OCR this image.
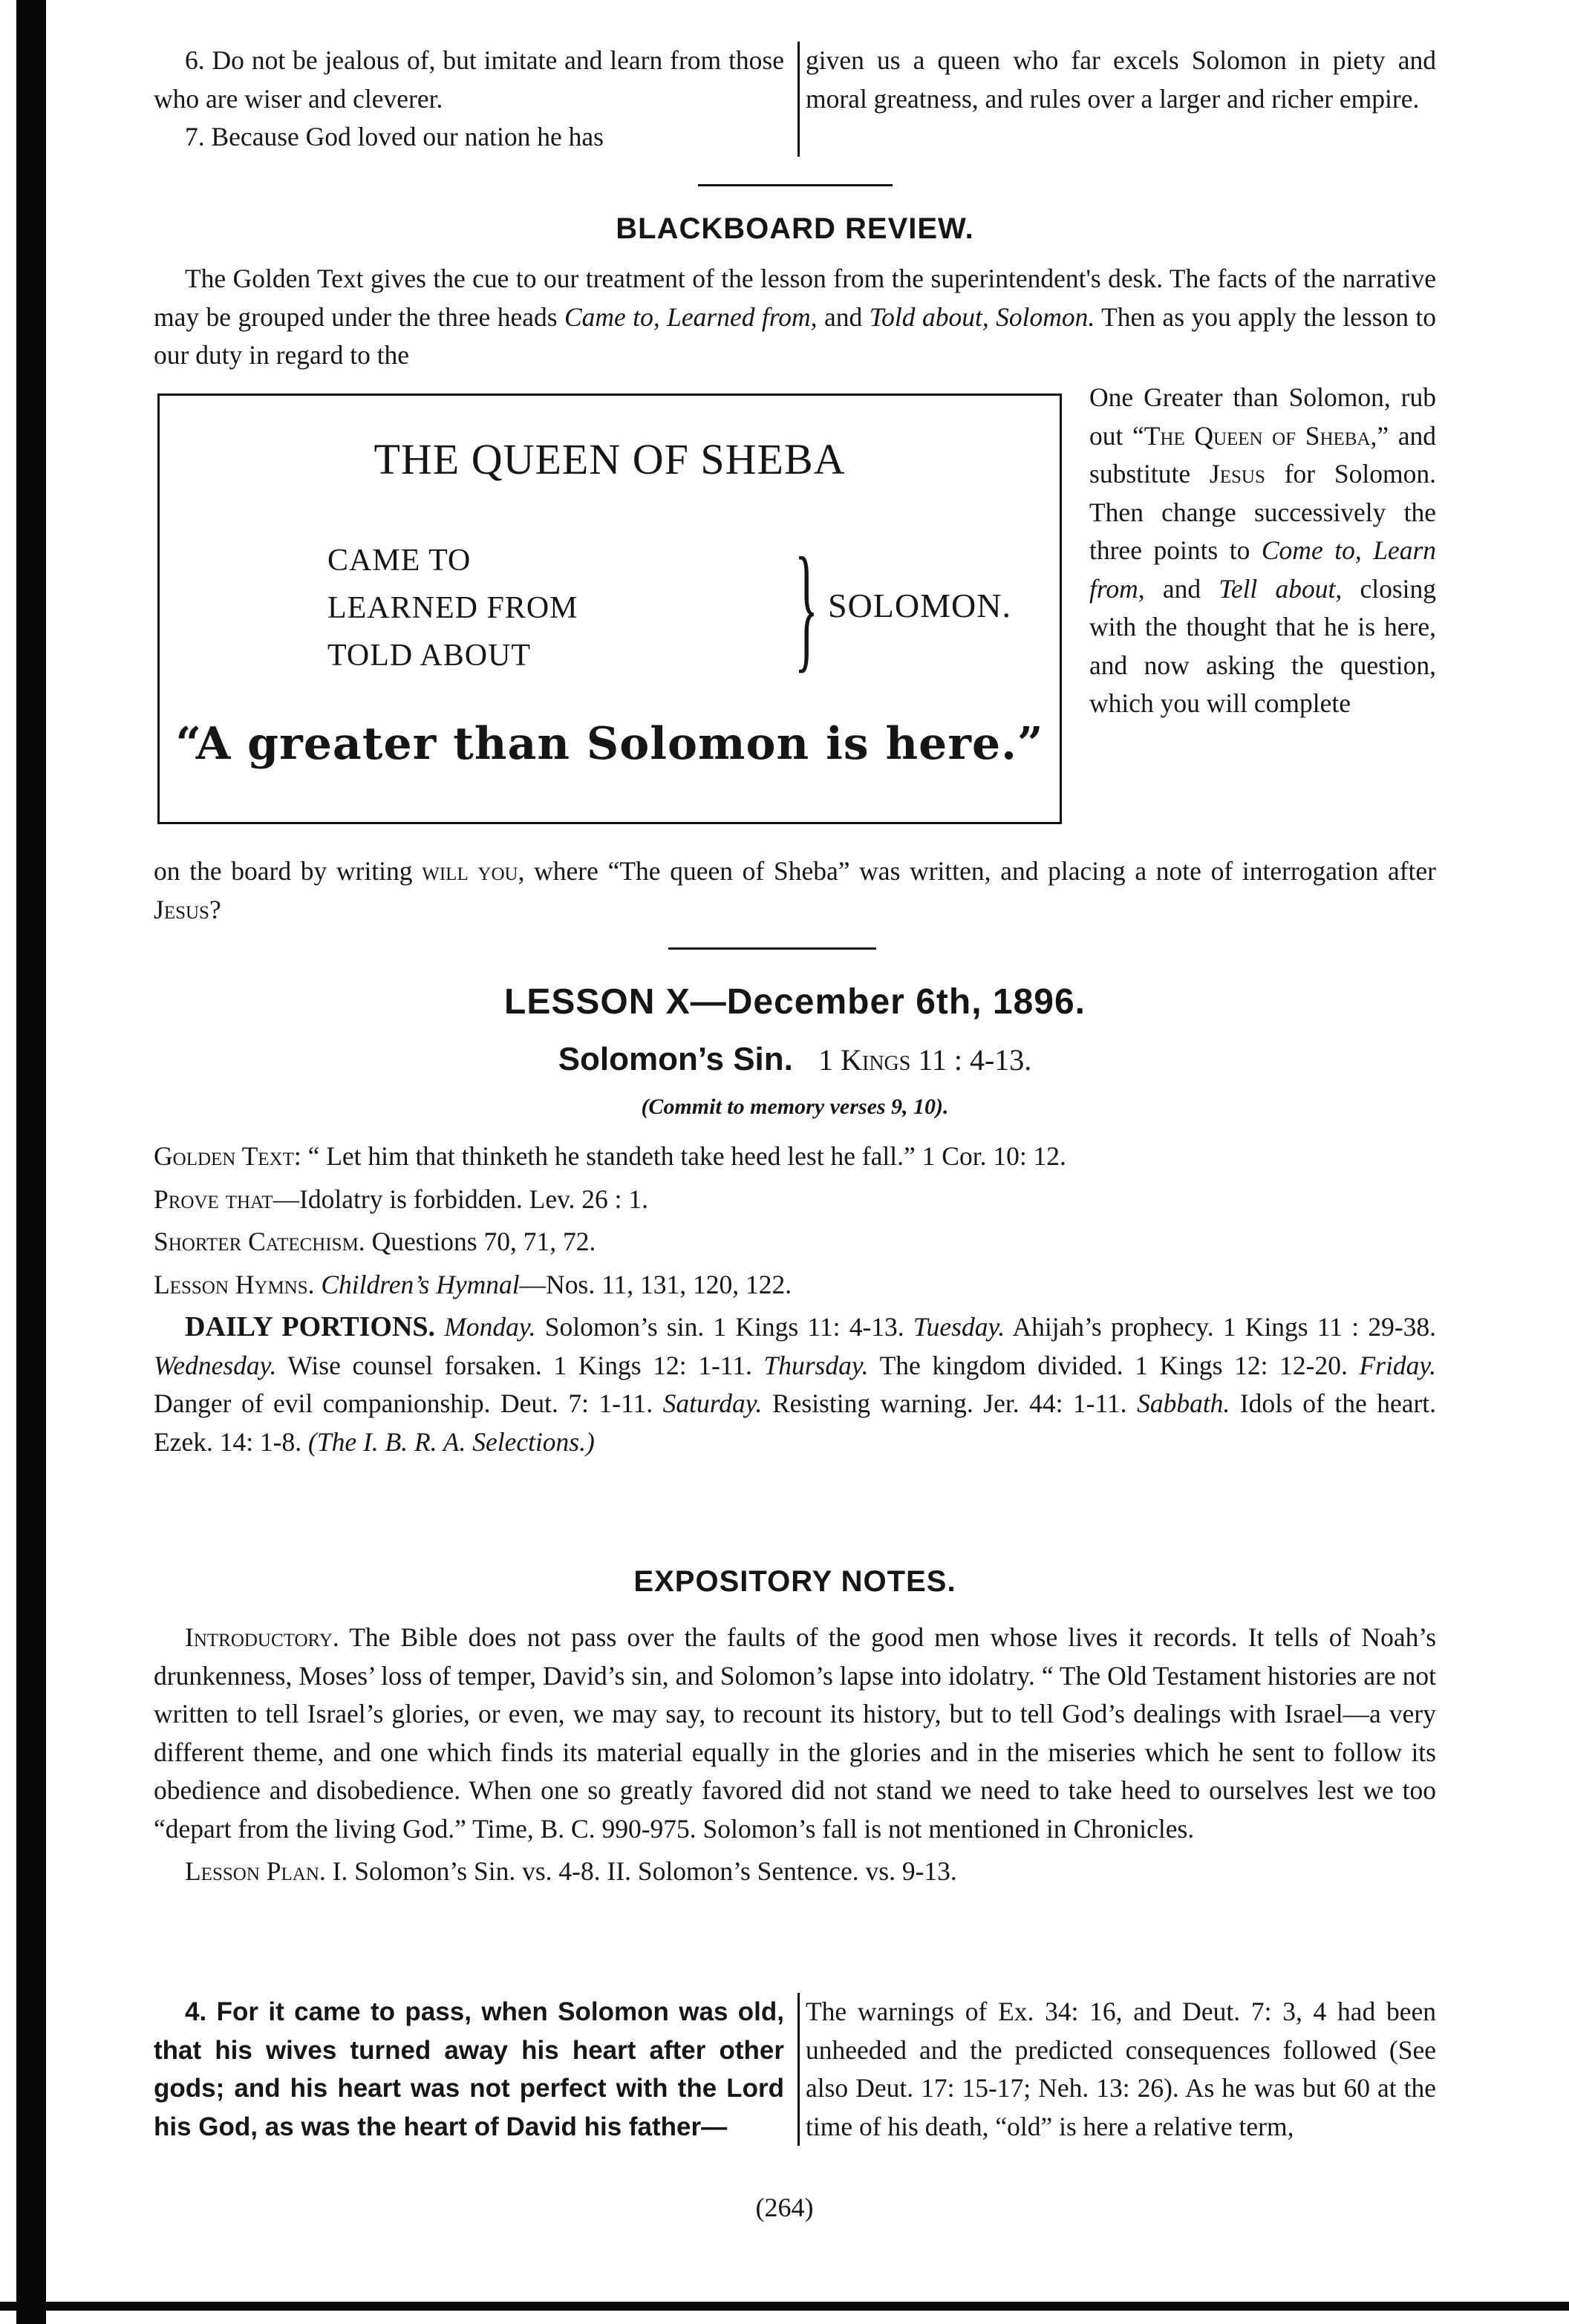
6. Do not be jealous of, but imitate and learn from those who are wiser and cleverer.

7. Because God loved our nation he has

given us a queen who far excels Solomon in piety and moral greatness, and rules over a larger and richer empire.

BLACKBOARD REVIEW.

The Golden Text gives the cue to our treatment of the lesson from the superintendent's desk. The facts of the narrative may be grouped under the three heads Came to, Learned from, and Told about, Solomon. Then as you apply the lesson to our duty in regard to the

THE QUEEN OF SHEBA
CAME TO
LEARNED FROM
TOLD ABOUT	} SOLOMON.
“A greater than Solomon is here.”
One Greater than Solomon, rub out “The Queen of Sheba,” and substitute Jesus for Solomon. Then change successively the three points to Come to, Learn from, and Tell about, closing with the thought that he is here, and now asking the question, which you will complete

on the board by writing will you, where “The queen of Sheba” was written, and placing a note of interrogation after Jesus?

LESSON X—December 6th, 1896.
Solomon’s Sin. 1 Kings 11 : 4-13.
(Commit to memory verses 9, 10).

Golden Text: “ Let him that thinketh he standeth take heed lest he fall.” 1 Cor. 10: 12.

Prove that—Idolatry is forbidden. Lev. 26 : 1.

Shorter Catechism. Questions 70, 71, 72.

Lesson Hymns. Children’s Hymnal—Nos. 11, 131, 120, 122.

DAILY PORTIONS. Monday. Solomon’s sin. 1 Kings 11: 4-13. Tuesday. Ahijah’s prophecy. 1 Kings 11 : 29-38. Wednesday. Wise counsel forsaken. 1 Kings 12: 1-11. Thursday. The kingdom divided. 1 Kings 12: 12-20. Friday. Danger of evil companionship. Deut. 7: 1-11. Saturday. Resisting warning. Jer. 44: 1-11. Sabbath. Idols of the heart. Ezek. 14: 1-8. (The I. B. R. A. Selections.)

EXPOSITORY NOTES.

Introductory. The Bible does not pass over the faults of the good men whose lives it records. It tells of Noah’s drunkenness, Moses’ loss of temper, David’s sin, and Solomon’s lapse into idolatry. “ The Old Testament histories are not written to tell Israel’s glories, or even, we may say, to recount its history, but to tell God’s dealings with Israel—a very different theme, and one which finds its material equally in the glories and in the miseries which he sent to follow its obedience and disobedience. When one so greatly favored did not stand we need to take heed to ourselves lest we too “depart from the living God.” Time, B. C. 990-975. Solomon’s fall is not mentioned in Chronicles.

Lesson Plan. I. Solomon’s Sin. vs. 4-8. II. Solomon’s Sentence. vs. 9-13.

4. For it came to pass, when Solomon was old, that his wives turned away his heart after other gods; and his heart was not perfect with the Lord his God, as was the heart of David his father—

The warnings of Ex. 34: 16, and Deut. 7: 3, 4 had been unheeded and the predicted consequences followed (See also Deut. 17: 15-17; Neh. 13: 26). As he was but 60 at the time of his death, “old” is here a relative term,

(264)
